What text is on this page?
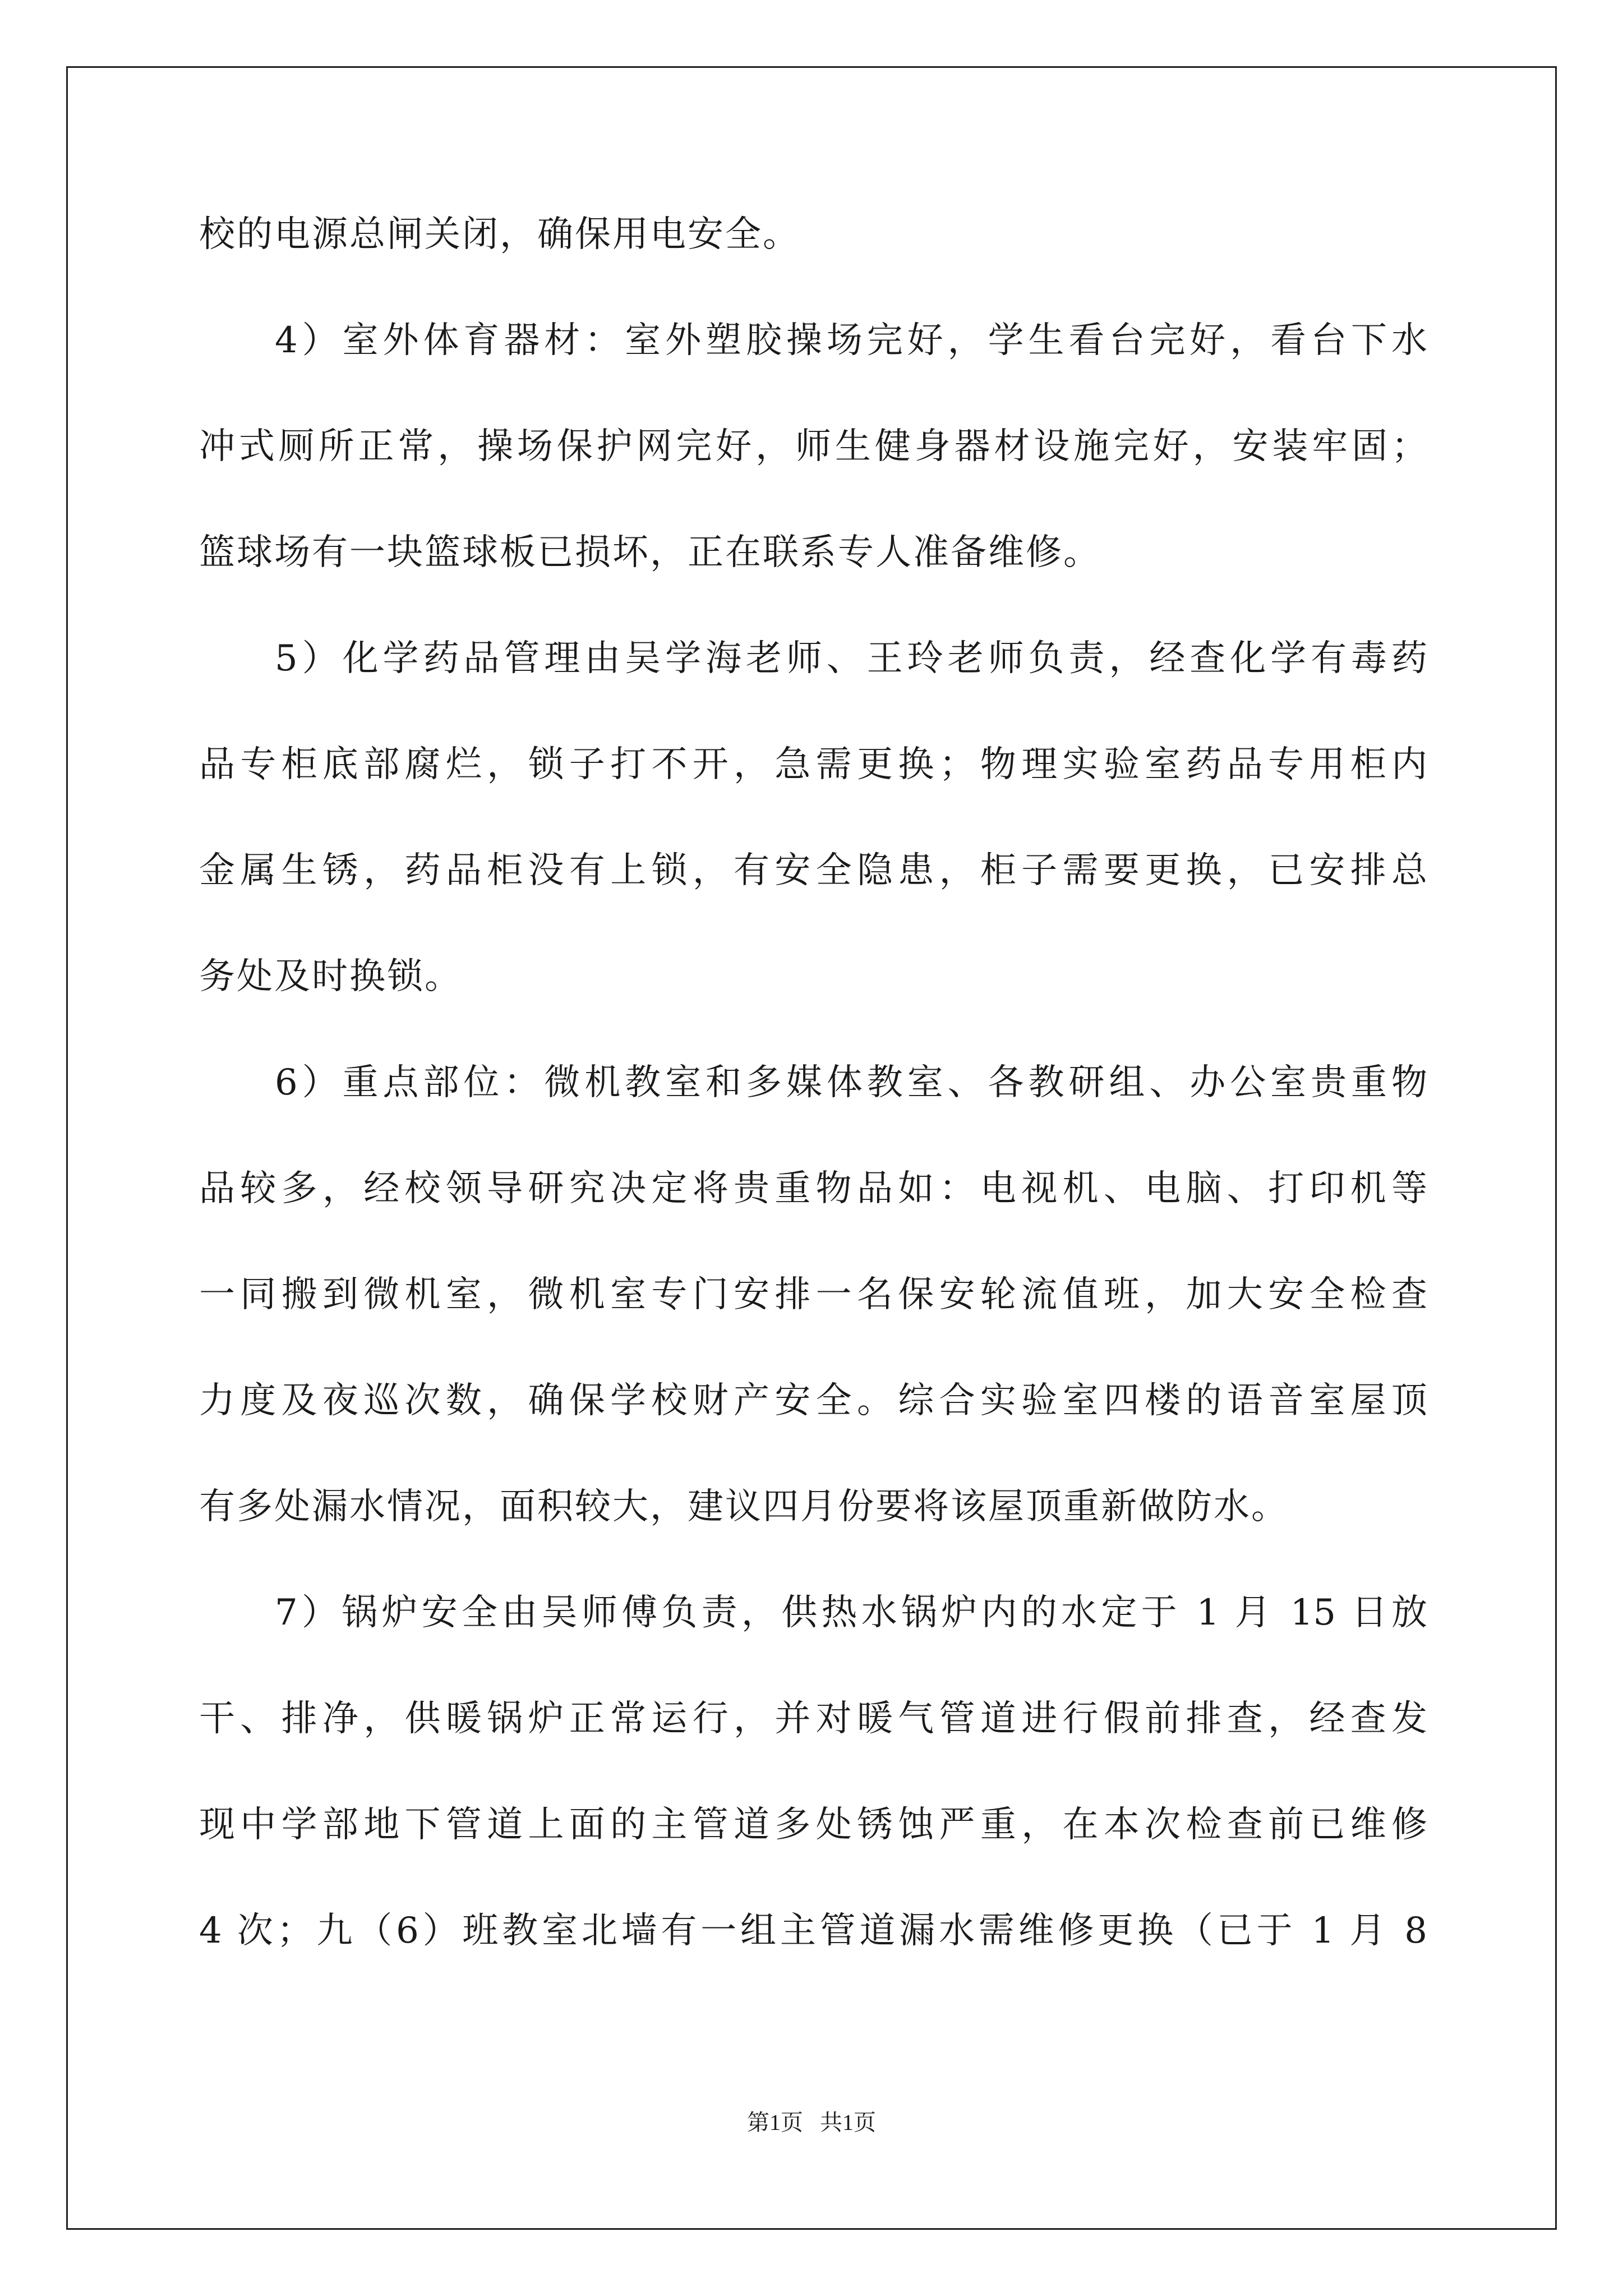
校的电源总闸关闭，确保用电安全。
4）室外体育器材：室外塑胶操场完好，学生看台完好，看台下水
冲式厕所正常，操场保护网完好，师生健身器材设施完好，安装牢固；
篮球场有一块篮球板已损坏，正在联系专人准备维修。
5）化学药品管理由吴学海老师、王玲老师负责，经查化学有毒药
品专柜底部腐烂，锁子打不开，急需更换；物理实验室药品专用柜内
金属生锈，药品柜没有上锁，有安全隐患，柜子需要更换，已安排总
务处及时换锁。
6）重点部位：微机教室和多媒体教室、各教研组、办公室贵重物
品较多，经校领导研究决定将贵重物品如：电视机、电脑、打印机等
一同搬到微机室，微机室专门安排一名保安轮流值班，加大安全检查
力度及夜巡次数，确保学校财产安全。综合实验室四楼的语音室屋顶
有多处漏水情况，面积较大，建议四月份要将该屋顶重新做防水。
7）锅炉安全由吴师傅负责，供热水锅炉内的水定于 1 月 15 日放
干、排净，供暖锅炉正常运行，并对暖气管道进行假前排查，经查发
现中学部地下管道上面的主管道多处锈蚀严重，在本次检查前已维修
4 次；九（6）班教室北墙有一组主管道漏水需维修更换（已于 1 月 8
第1页   共1页
